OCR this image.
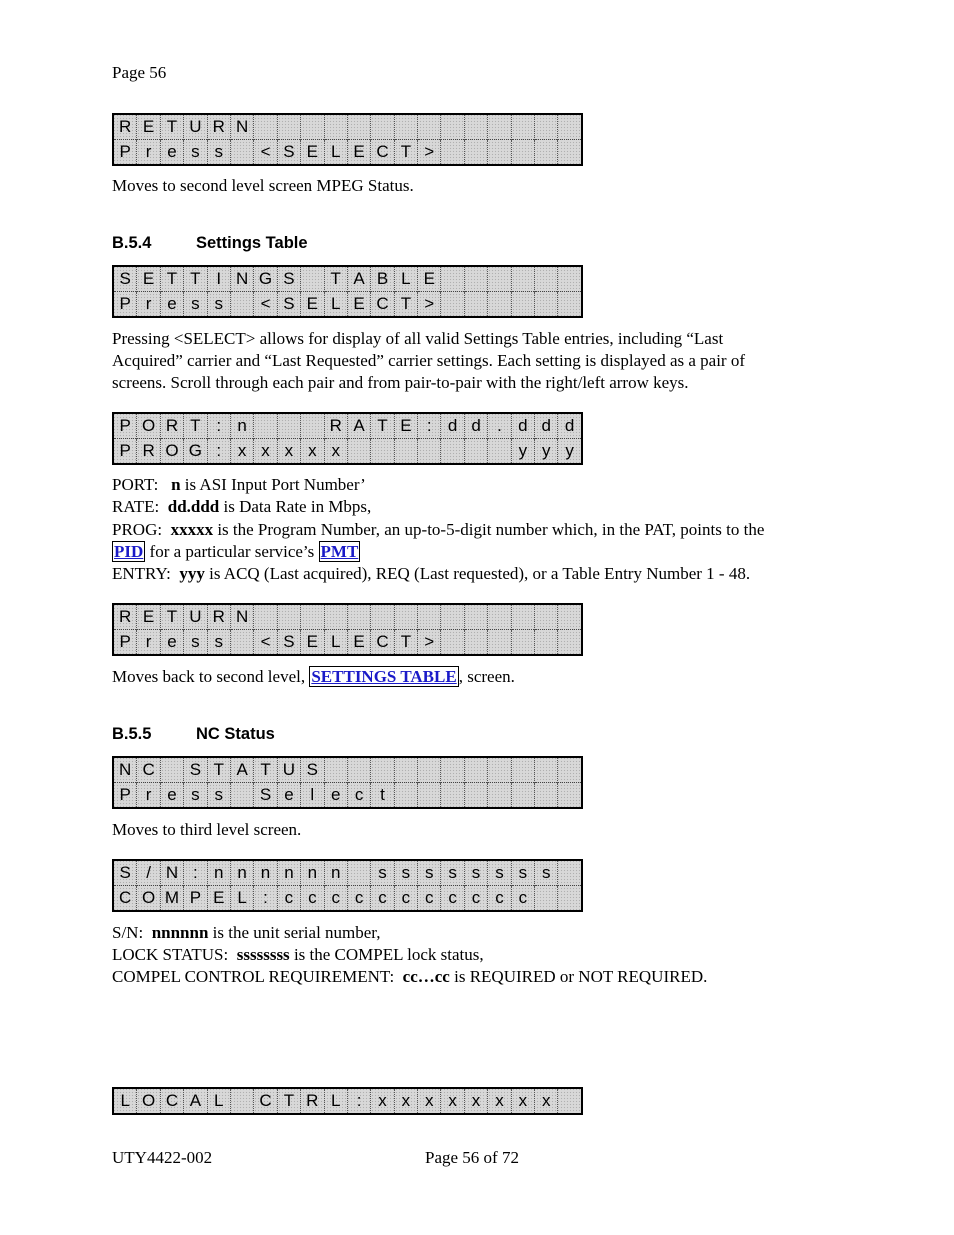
Page 56
R	E	T	U	R	N														
P	r	e	s	s		<	S	E	L	E	C	T	>						
Moves to second level screen MPEG Status.
B.5.4	Settings Table
S	E	T	T	I	N	G	S		T	A	B	L	E						
P	r	e	s	s		<	S	E	L	E	C	T	>						
Pressing <SELECT> allows for display of all valid Settings Table entries, including “Last
Acquired” carrier and “Last Requested” carrier settings. Each setting is displayed as a pair of
screens. Scroll through each pair and from pair-to-pair with the right/left arrow keys.
P	O	R	T	:	n				R	A	T	E	:	d	d	.	d	d	d
P	R	O	G	:	x	x	x	x	x								y	y	y
PORT: n is ASI Input Port Number’
RATE: dd.ddd is Data Rate in Mbps,
PROG: xxxxx is the Program Number, an up-to-5-digit number which, in the PAT, points to the
PID for a particular service’s PMT
ENTRY: yyy is ACQ (Last acquired), REQ (Last requested), or a Table Entry Number 1 - 48.
R	E	T	U	R	N														
P	r	e	s	s		<	S	E	L	E	C	T	>						
Moves back to second level, SETTINGS TABLE , screen.
B.5.5	NC Status
N	C		S	T	A	T	U	S											
P	r	e	s	s		S	e	l	e	c	t								
Moves to third level screen.
S	/	N	:	n	n	n	n	n	n		s	s	s	s	s	s	s	s	
C	O	M	P	E	L	:	c	c	c	c	c	c	c	c	c	c	c		
S/N: nnnnnn is the unit serial number,
LOCK STATUS: ssssssss is the COMPEL lock status,
COMPEL CONTROL REQUIREMENT: cc…cc is REQUIRED or NOT REQUIRED.
L	O	C	A	L		C	T	R	L	:	x	x	x	x	x	x	x	x	
UTY4422-002	Page 56 of 72
